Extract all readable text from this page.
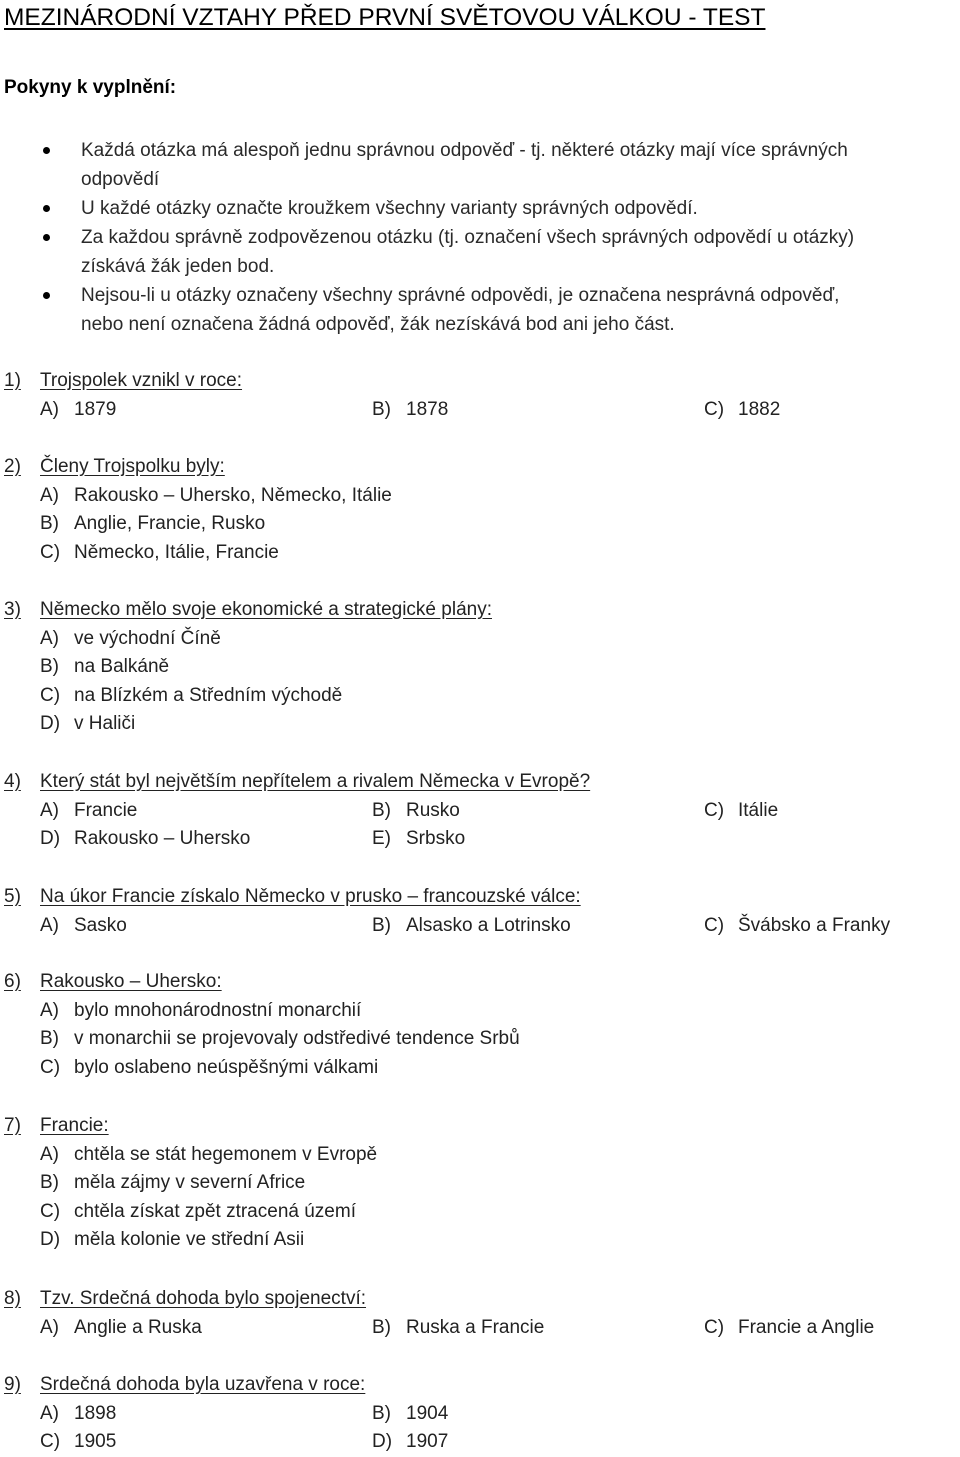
MEZINÁRODNÍ VZTAHY PŘED PRVNÍ SVĚTOVOU VÁLKOU - TEST
Pokyny k vyplnění:
Každá otázka má alespoň jednu správnou odpověď - tj. některé otázky mají více správných
odpovědí
U každé otázky označte kroužkem všechny varianty správných odpovědí.
Za každou správně zodpovězenou otázku (tj. označení všech správných odpovědí u otázky)
získává žák jeden bod.
Nejsou-li u otázky označeny všechny správné odpovědi, je označena nesprávná odpověď,
nebo není označena žádná odpověď, žák nezískává bod ani jeho část.
1) Trojspolek vznikl v roce:
A) 1879	B) 1878	C) 1882
2) Členy Trojspolku byly:
A) Rakousko – Uhersko, Německo, Itálie
B) Anglie, Francie, Rusko
C) Německo, Itálie, Francie
3) Německo mělo svoje ekonomické a strategické plány:
A) ve východní Číně
B) na Balkáně
C) na Blízkém a Středním východě
D) v Haliči
4) Který stát byl největším nepřítelem a rivalem Německa v Evropě?
A) Francie	B) Rusko	C) Itálie
D) Rakousko – Uhersko	E) Srbsko
5) Na úkor Francie získalo Německo v prusko – francouzské válce:
A) Sasko	B) Alsasko a Lotrinsko	C) Švábsko a Franky
6) Rakousko – Uhersko:
A) bylo mnohonárodnostní monarchií
B) v monarchii se projevovaly odstředivé tendence Srbů
C) bylo oslabeno neúspěšnými válkami
7) Francie:
A) chtěla se stát hegemonem v Evropě
B) měla zájmy v severní Africe
C) chtěla získat zpět ztracená území
D) měla kolonie ve střední Asii
8) Tzv. Srdečná dohoda bylo spojenectví:
A) Anglie a Ruska	B) Ruska a Francie	C) Francie a Anglie
9) Srdečná dohoda byla uzavřena v roce:
A) 1898	B) 1904
C) 1905	D) 1907
